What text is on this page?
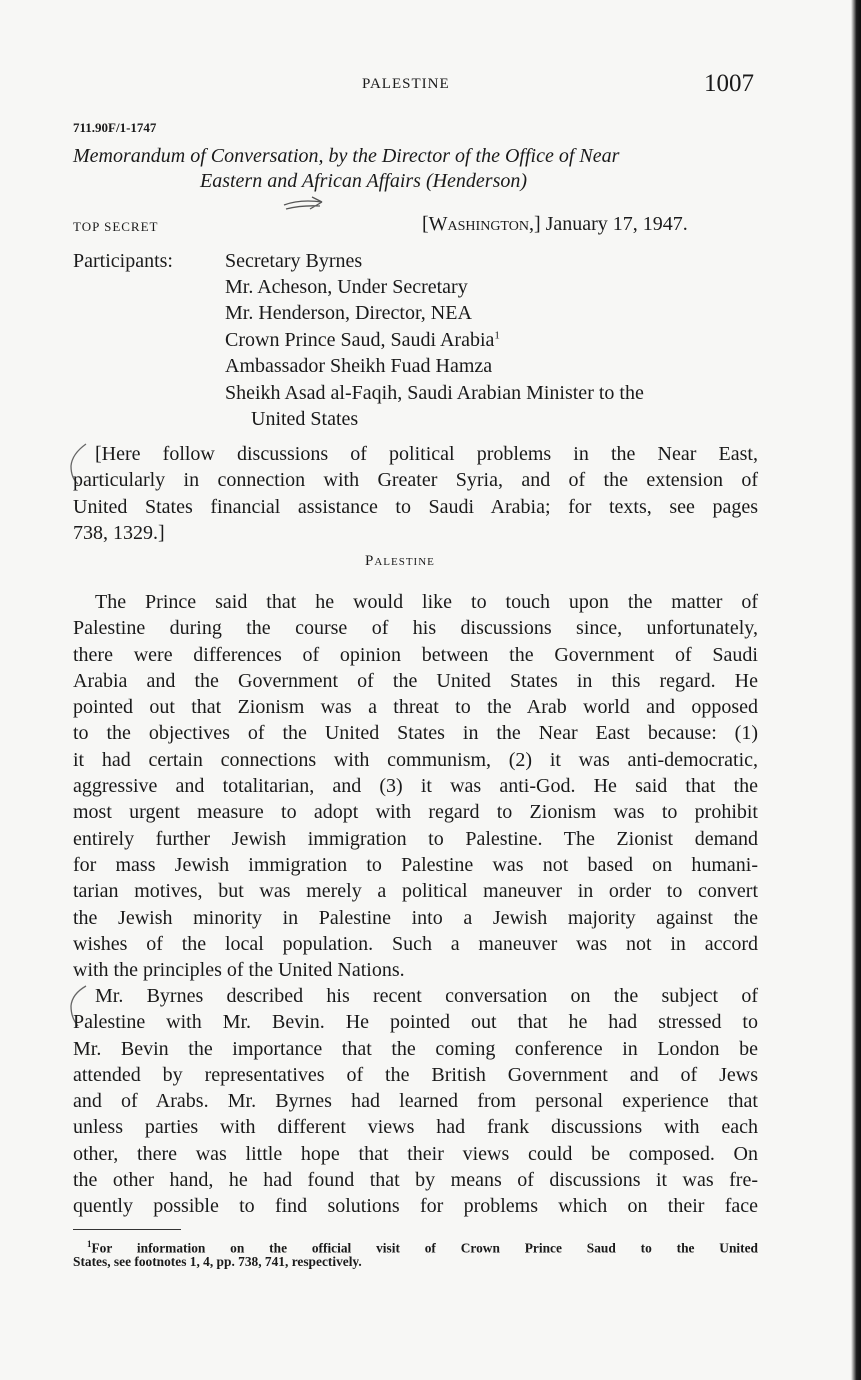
PALESTINE	1007
711.90F/1-1747
Memorandum of Conversation, by the Director of the Office of Near
Eastern and African Affairs (Henderson)
TOP SECRET	[Washington,] January 17, 1947.
Participants:	Secretary Byrnes
Mr. Acheson, Under Secretary
Mr. Henderson, Director, NEA
Crown Prince Saud, Saudi Arabia$^1$
Ambassador Sheikh Fuad Hamza
Sheikh Asad al-Faqih, Saudi Arabian Minister to the
United States
[Here follow discussions of political problems in the Near East,
particularly in connection with Greater Syria, and of the extension of
United States financial assistance to Saudi Arabia; for texts, see pages
738, 1329.]
Palestine
The Prince said that he would like to touch upon the matter of
Palestine during the course of his discussions since, unfortunately,
there were differences of opinion between the Government of Saudi
Arabia and the Government of the United States in this regard. He
pointed out that Zionism was a threat to the Arab world and opposed
to the objectives of the United States in the Near East because: (1)
it had certain connections with communism, (2) it was anti-democratic,
aggressive and totalitarian, and (3) it was anti-God. He said that the
most urgent measure to adopt with regard to Zionism was to prohibit
entirely further Jewish immigration to Palestine. The Zionist demand
for mass Jewish immigration to Palestine was not based on humani-
tarian motives, but was merely a political maneuver in order to convert
the Jewish minority in Palestine into a Jewish majority against the
wishes of the local population. Such a maneuver was not in accord
with the principles of the United Nations.
Mr. Byrnes described his recent conversation on the subject of
Palestine with Mr. Bevin. He pointed out that he had stressed to
Mr. Bevin the importance that the coming conference in London be
attended by representatives of the British Government and of Jews
and of Arabs. Mr. Byrnes had learned from personal experience that
unless parties with different views had frank discussions with each
other, there was little hope that their views could be composed. On
the other hand, he had found that by means of discussions it was fre-
quently possible to find solutions for problems which on their face
$^1$For information on the official visit of Crown Prince Saud to the United
States, see footnotes 1, 4, pp. 738, 741, respectively.
